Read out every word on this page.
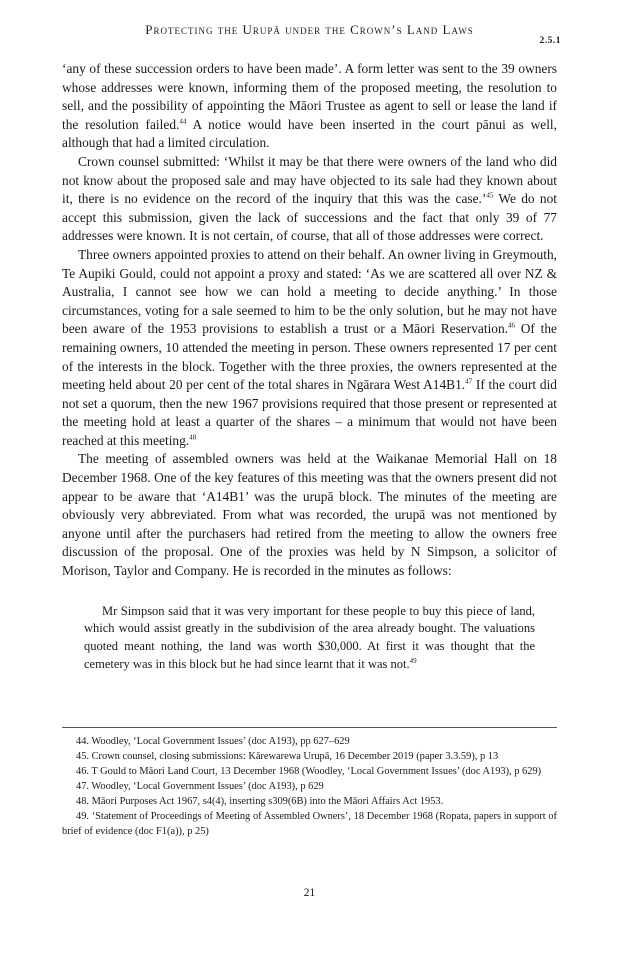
Protecting the Urupā under the Crown’s Land Laws
2.5.1

‘any of these succession orders to have been made’. A form letter was sent to the 39 owners whose addresses were known, informing them of the proposed meeting, the resolution to sell, and the possibility of appointing the Māori Trustee as agent to sell or lease the land if the resolution failed.$^{44}$ A notice would have been inserted in the court pānui as well, although that had a limited circulation.

Crown counsel submitted: ‘Whilst it may be that there were owners of the land who did not know about the proposed sale and may have objected to its sale had they known about it, there is no evidence on the record of the inquiry that this was the case.’$^{45}$ We do not accept this submission, given the lack of successions and the fact that only 39 of 77 addresses were known. It is not certain, of course, that all of those addresses were correct.

Three owners appointed proxies to attend on their behalf. An owner living in Greymouth, Te Aupiki Gould, could not appoint a proxy and stated: ‘As we are scattered all over NZ & Australia, I cannot see how we can hold a meeting to decide anything.’ In those circumstances, voting for a sale seemed to him to be the only solution, but he may not have been aware of the 1953 provisions to establish a trust or a Māori Reservation.$^{46}$ Of the remaining owners, 10 attended the meeting in person. These owners represented 17 per cent of the interests in the block. Together with the three proxies, the owners represented at the meeting held about 20 per cent of the total shares in Ngārara West A14B1.47 If the court did not set a quorum, then the new 1967 provisions required that those present or represented at the meeting hold at least a quarter of the shares – a minimum that would not have been reached at this meeting.$^{48}$

The meeting of assembled owners was held at the Waikanae Memorial Hall on 18 December 1968. One of the key features of this meeting was that the owners present did not appear to be aware that ‘A14B1’ was the urupā block. The minutes of the meeting are obviously very abbreviated. From what was recorded, the urupā was not mentioned by anyone until after the purchasers had retired from the meeting to allow the owners free discussion of the proposal. One of the proxies was held by N Simpson, a solicitor of Morison, Taylor and Company. He is recorded in the minutes as follows:

Mr Simpson said that it was very important for these people to buy this piece of land, which would assist greatly in the subdivision of the area already bought. The valuations quoted meant nothing, the land was worth $30,000. At first it was thought that the cemetery was in this block but he had since learnt that it was not.$^{49}$

44. Woodley, ‘Local Government Issues’ (doc A193), pp 627–629

45. Crown counsel, closing submissions: Kārewarewa Urupā, 16 December 2019 (paper 3.3.59), p 13

46. T Gould to Māori Land Court, 13 December 1968 (Woodley, ‘Local Government Issues’ (doc A193), p 629)

47. Woodley, ‘Local Government Issues’ (doc A193), p 629

48. Māori Purposes Act 1967, s4(4), inserting s309(6B) into the Māori Affairs Act 1953.

49. ‘Statement of Proceedings of Meeting of Assembled Owners’, 18 December 1968 (Ropata, papers in support of brief of evidence (doc F1(a)), p 25)

21
